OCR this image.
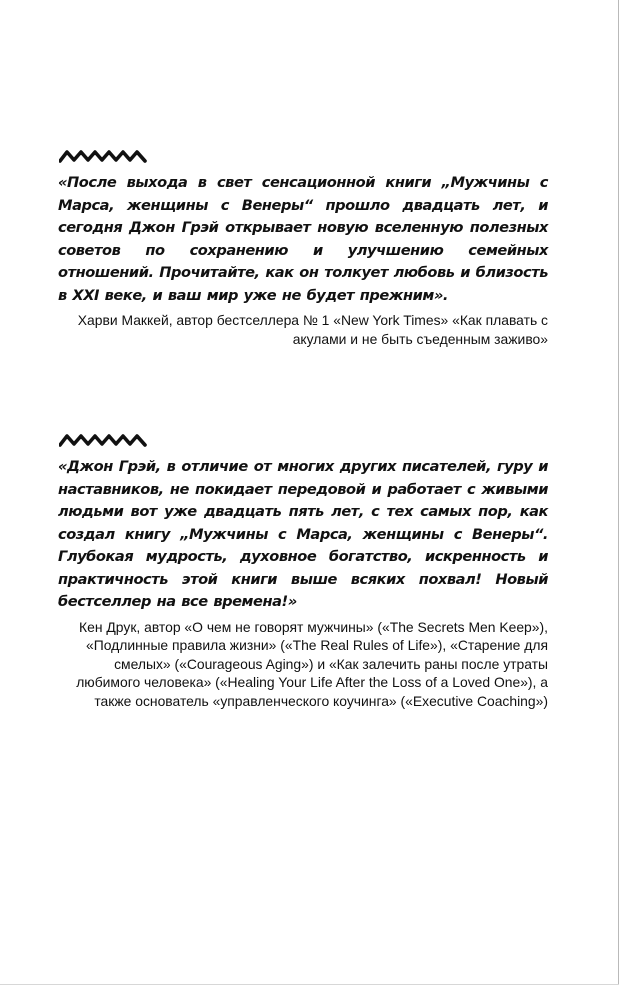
«После выхода в свет сенсационной книги „Мужчины с Марса, женщины с Венеры“ прошло двадцать лет, и сегодня Джон Грэй открывает новую вселенную полезных советов по сохранению и улучшению семейных отношений. Прочитайте, как он толкует любовь и близость в XXI веке, и ваш мир уже не будет прежним».

Харви Маккей, автор бестселлера № 1 «New York Times» «Как плавать с акулами и не быть съеденным заживо»

«Джон Грэй, в отличие от многих других писателей, гуру и наставников, не покидает передовой и работает с живыми людьми вот уже двадцать пять лет, с тех самых пор, как создал книгу „Мужчины с Марса, женщины с Венеры“. Глубокая мудрость, духовное богатство, искренность и практичность этой книги выше всяких похвал! Новый бестселлер на все времена!»

Кен Друк, автор «О чем не говорят мужчины» («The Secrets Men Keep»), «Подлинные правила жизни» («The Real Rules of Life»), «Старение для смелых» («Courageous Aging») и «Как залечить раны после утраты любимого человека» («Healing Your Life After the Loss of a Loved One»), а также основатель «управленческого коучинга» («Executive Coaching»)
